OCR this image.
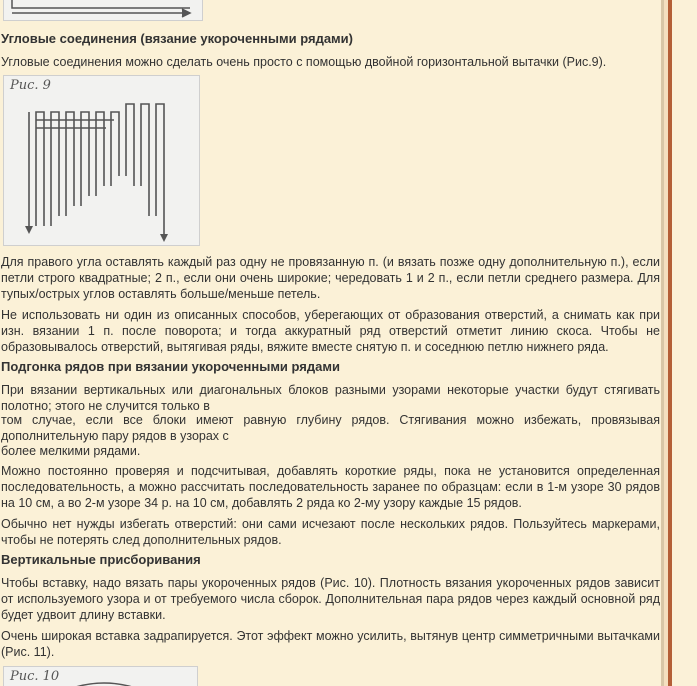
Угловые соединения (вязание укороченными рядами)

Угловые соединения можно сделать очень просто с помощью двойной горизонтальной вытачки (Рис.9).

Рис. 9

Для правого угла оставлять каждый раз одну не провязанную п. (и вязать позже одну дополнительную п.), если петли строго квадратные; 2 п., если они очень широкие; чередовать 1 и 2 п., если петли среднего размера. Для тупых/острых углов оставлять больше/меньше петель.

Не использовать ни один из описанных способов, уберегающих от образования отверстий, а снимать как при изн. вязании 1 п. после поворота; и тогда аккуратный ряд отверстий отметит линию скоса. Чтобы не образовывалось отверстий, вытягивая ряды, вяжите вместе снятую п. и соседнюю петлю нижнего ряда.

Подгонка рядов при вязании укороченными рядами

При вязании вертикальных или диагональных блоков разными узорами некоторые участки будут стягивать полотно; этого не случится только в

том случае, если все блоки имеют равную глубину рядов. Стягивания можно избежать, провязывая дополнительную пару рядов в узорах с

более мелкими рядами.

Можно постоянно проверяя и подсчитывая, добавлять короткие ряды, пока не установится определенная последовательность, а можно рассчитать последовательность заранее по образцам: если в 1-м узоре 30 рядов на 10 см, а во 2-м узоре 34 р. на 10 см, добавлять 2 ряда ко 2-му узору каждые 15 рядов.

Обычно нет нужды избегать отверстий: они сами исчезают после нескольких рядов. Пользуйтесь маркерами, чтобы не потерять след дополнительных рядов.

Вертикальные присборивания

Чтобы вставку, надо вязать пары укороченных рядов (Рис. 10). Плотность вязания укороченных рядов зависит от используемого узора и от требуемого числа сборок. Дополнительная пара рядов через каждый основной ряд будет удвоит длину вставки.

Очень широкая вставка задрапируется. Этот эффект можно усилить, вытянув центр симметричными вытачками (Рис. 11).

Рис. 10
